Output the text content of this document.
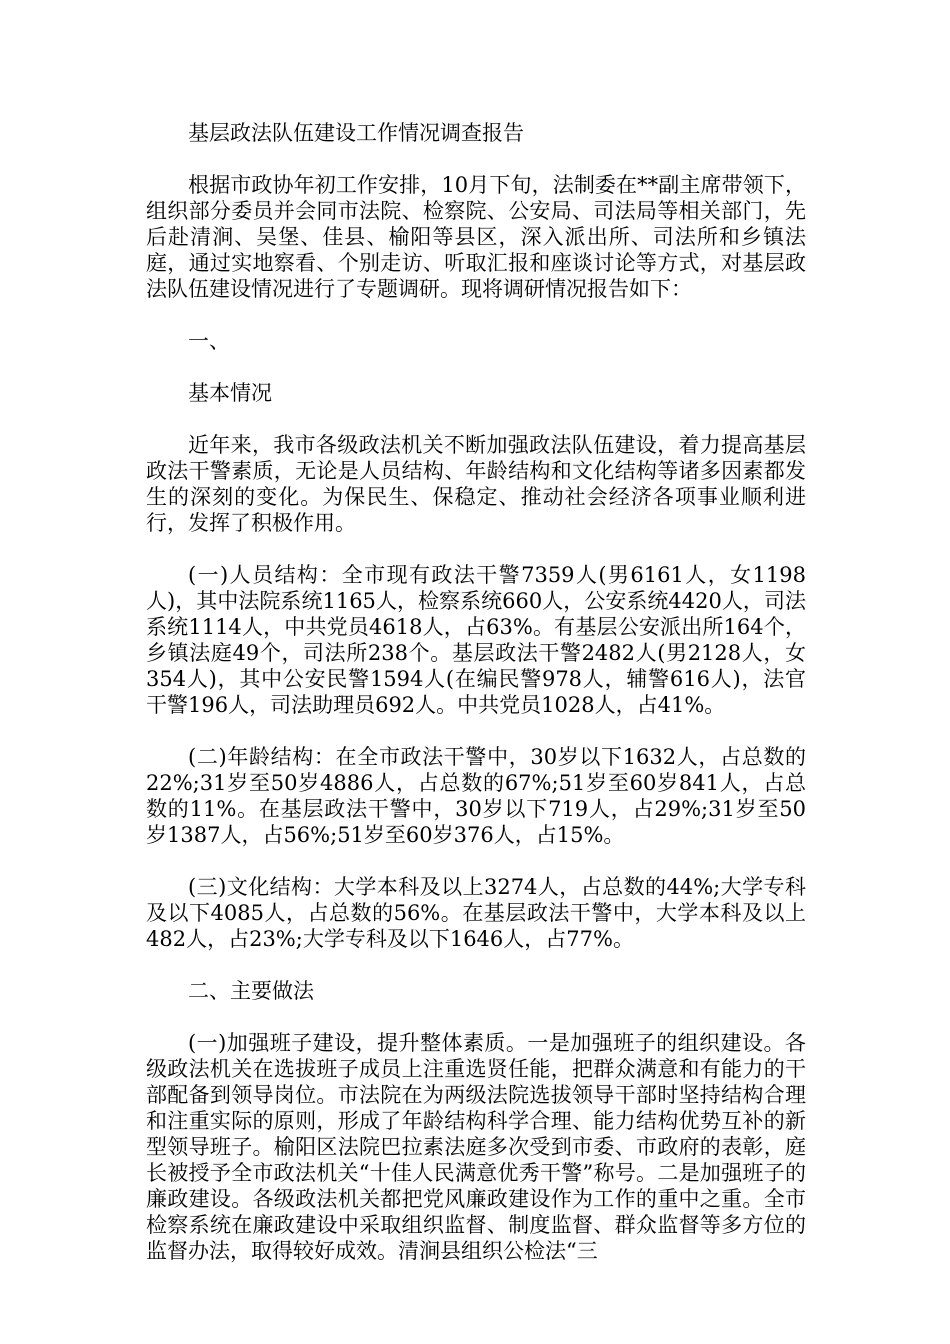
基层政法队伍建设工作情况调查报告

根据市政协年初工作安排，10月下旬，法制委在**副主席带领下，组织部分委员并会同市法院、检察院、公安局、司法局等相关部门，先后赴清涧、吴堡、佳县、榆阳等县区，深入派出所、司法所和乡镇法庭，通过实地察看、个别走访、听取汇报和座谈讨论等方式，对基层政法队伍建设情况进行了专题调研。现将调研情况报告如下：

一、

基本情况

近年来，我市各级政法机关不断加强政法队伍建设，着力提高基层政法干警素质，无论是人员结构、年龄结构和文化结构等诸多因素都发生的深刻的变化。为保民生、保稳定、推动社会经济各项事业顺利进行，发挥了积极作用。

(一)人员结构：全市现有政法干警7359人(男6161人，女1198人)，其中法院系统1165人，检察系统660人，公安系统4420人，司法系统1114人，中共党员4618人，占63%。有基层公安派出所164个，乡镇法庭49个，司法所238个。基层政法干警2482人(男2128人，女354人)，其中公安民警1594人(在编民警978人，辅警616人)，法官干警196人，司法助理员692人。中共党员1028人，占41%。

(二)年龄结构：在全市政法干警中，30岁以下1632人，占总数的22%;31岁至50岁4886人，占总数的67%;51岁至60岁841人，占总数的11%。在基层政法干警中，30岁以下719人，占29%;31岁至50岁1387人，占56%;51岁至60岁376人，占15%。

(三)文化结构：大学本科及以上3274人，占总数的44%;大学专科及以下4085人，占总数的56%。在基层政法干警中，大学本科及以上482人，占23%;大学专科及以下1646人，占77%。

二、主要做法

(一)加强班子建设，提升整体素质。一是加强班子的组织建设。各级政法机关在选拔班子成员上注重选贤任能，把群众满意和有能力的干部配备到领导岗位。市法院在为两级法院选拔领导干部时坚持结构合理和注重实际的原则，形成了年龄结构科学合理、能力结构优势互补的新型领导班子。榆阳区法院巴拉素法庭多次受到市委、市政府的表彰，庭长被授予全市政法机关“十佳人民满意优秀干警”称号。二是加强班子的廉政建设。各级政法机关都把党风廉政建设作为工作的重中之重。全市检察系统在廉政建设中采取组织监督、制度监督、群众监督等多方位的监督办法，取得较好成效。清涧县组织公检法“三
